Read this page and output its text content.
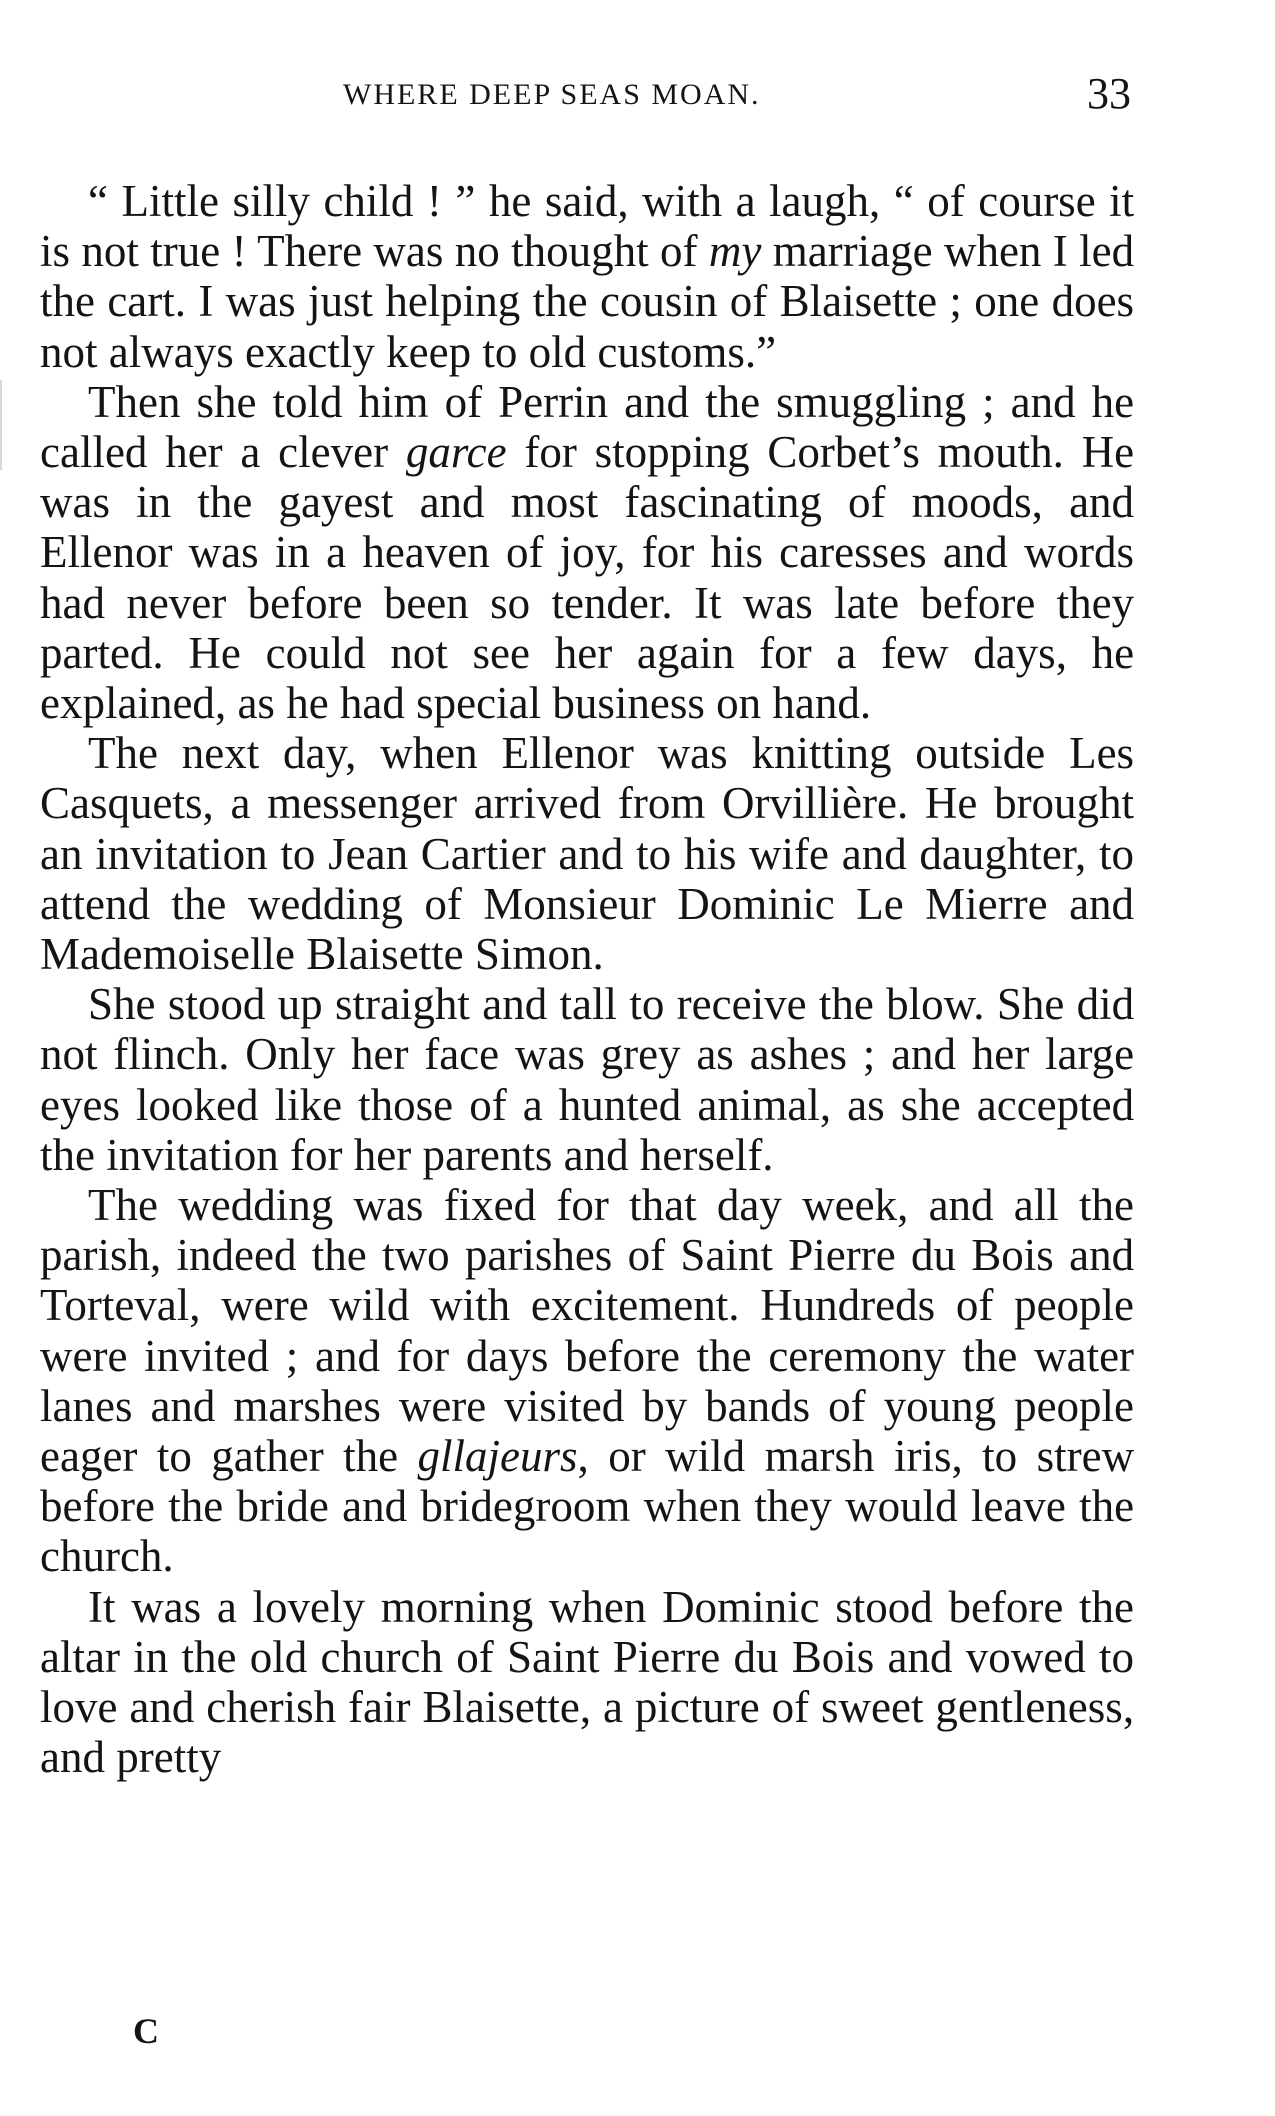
WHERE DEEP SEAS MOAN.	33

“ Little silly child ! ” he said, with a laugh, “ of course it is not true ! There was no thought of my marriage when I led the cart. I was just helping the cousin of Blaisette ; one does not always exactly keep to old customs.”

Then she told him of Perrin and the smuggling ; and he called her a clever garce for stopping Corbet’s mouth. He was in the gayest and most fascinating of moods, and Ellenor was in a heaven of joy, for his caresses and words had never before been so tender. It was late before they parted. He could not see her again for a few days, he explained, as he had special business on hand.

The next day, when Ellenor was knitting outside Les Casquets, a messenger arrived from Orvillière. He brought an invitation to Jean Cartier and to his wife and daughter, to attend the wedding of Monsieur Dominic Le Mierre and Mademoiselle Blaisette Simon.

She stood up straight and tall to receive the blow. She did not flinch. Only her face was grey as ashes ; and her large eyes looked like those of a hunted animal, as she accepted the invitation for her parents and herself.

The wedding was fixed for that day week, and all the parish, indeed the two parishes of Saint Pierre du Bois and Torteval, were wild with excitement. Hundreds of people were invited ; and for days before the ceremony the water lanes and marshes were visited by bands of young people eager to gather the gllajeurs, or wild marsh iris, to strew before the bride and bridegroom when they would leave the church.

It was a lovely morning when Dominic stood before the altar in the old church of Saint Pierre du Bois and vowed to love and cherish fair Blaisette, a picture of sweet gentleness, and pretty

C
